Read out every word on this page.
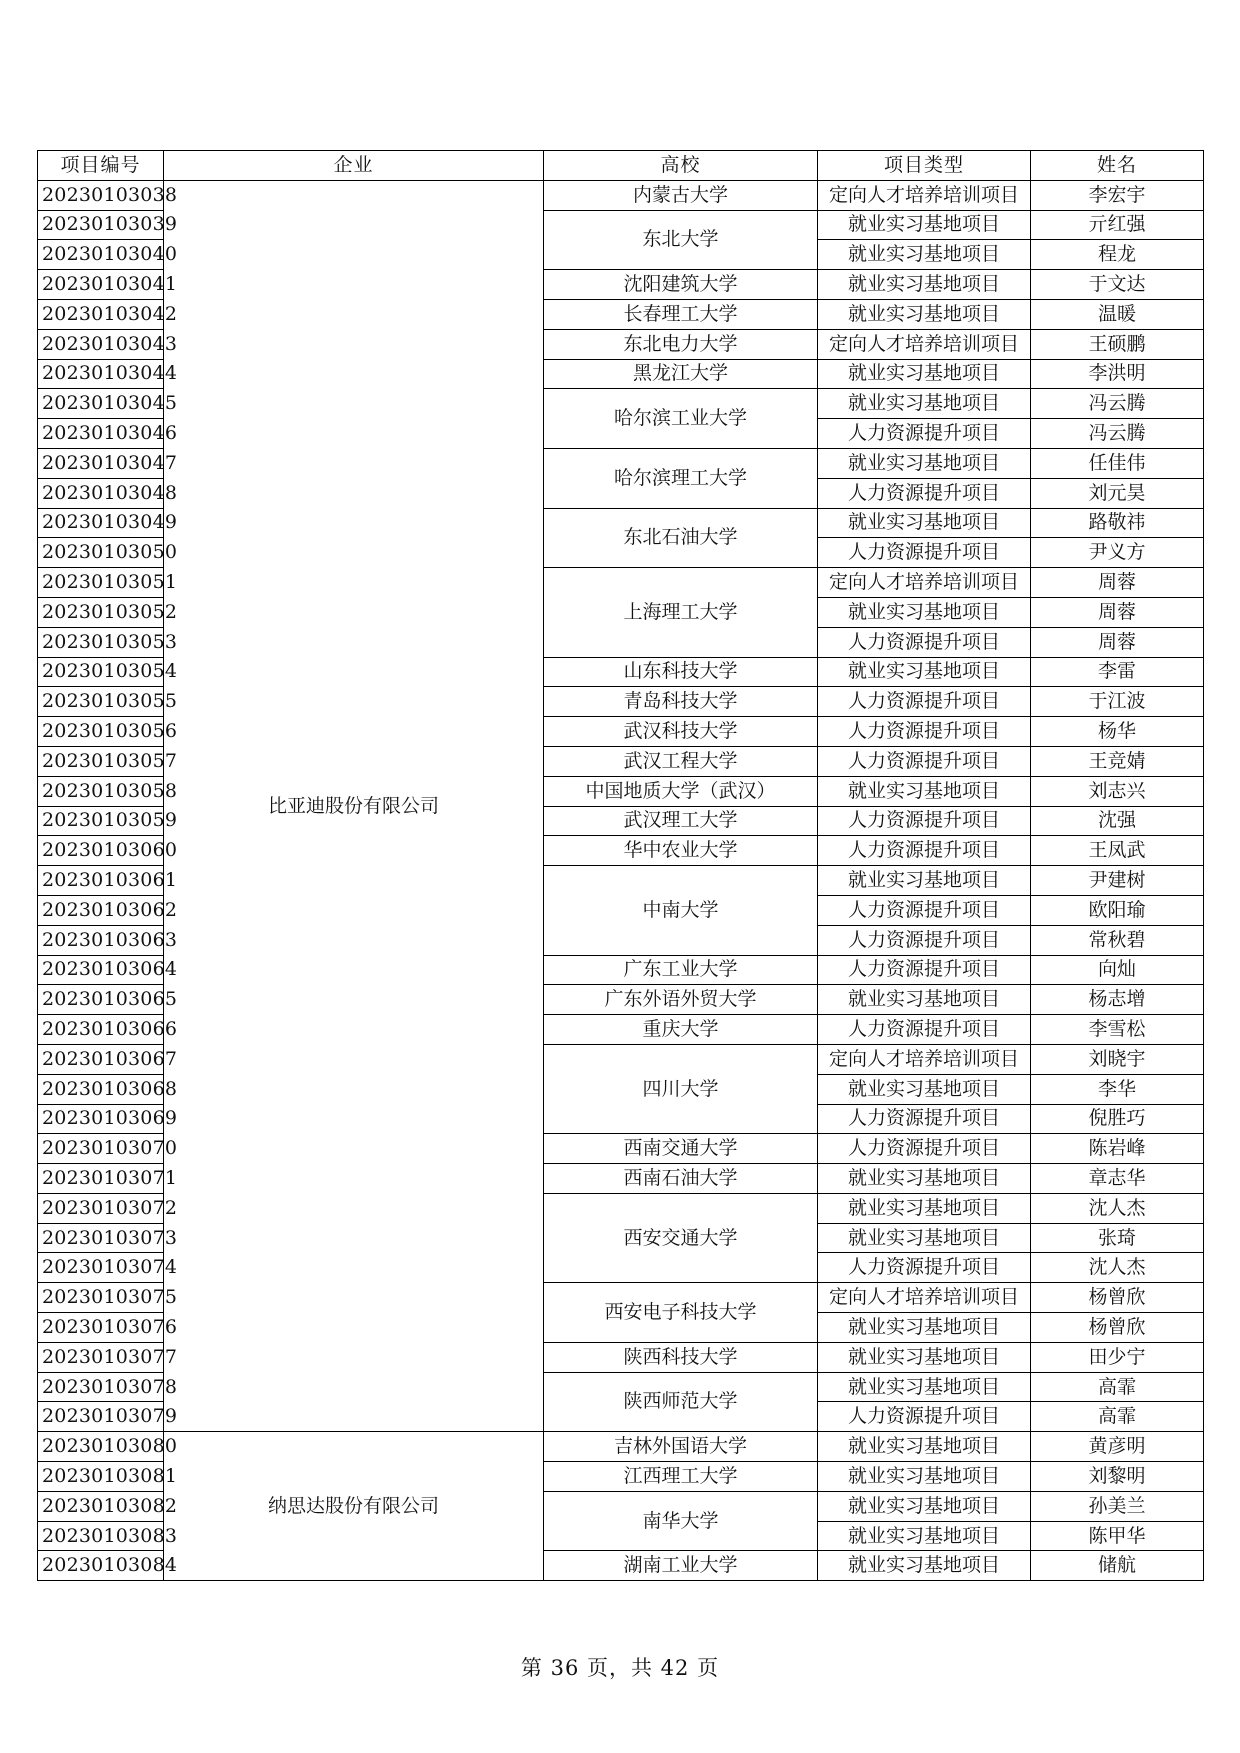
项目编号	企业	高校	项目类型	姓名
20230103038	比亚迪股份有限公司	内蒙古大学	定向人才培养培训项目	李宏宇
20230103039		东北大学	就业实习基地项目	亓红强
20230103040			就业实习基地项目	程龙
20230103041		沈阳建筑大学	就业实习基地项目	于文达
20230103042		长春理工大学	就业实习基地项目	温暖
20230103043		东北电力大学	定向人才培养培训项目	王硕鹏
20230103044		黑龙江大学	就业实习基地项目	李洪明
20230103045		哈尔滨工业大学	就业实习基地项目	冯云腾
20230103046			人力资源提升项目	冯云腾
20230103047		哈尔滨理工大学	就业实习基地项目	任佳伟
20230103048			人力资源提升项目	刘元昊
20230103049		东北石油大学	就业实习基地项目	路敬祎
20230103050			人力资源提升项目	尹义方
20230103051		上海理工大学	定向人才培养培训项目	周蓉
20230103052			就业实习基地项目	周蓉
20230103053			人力资源提升项目	周蓉
20230103054		山东科技大学	就业实习基地项目	李雷
20230103055		青岛科技大学	人力资源提升项目	于江波
20230103056		武汉科技大学	人力资源提升项目	杨华
20230103057		武汉工程大学	人力资源提升项目	王竞婧
20230103058		中国地质大学（武汉）	就业实习基地项目	刘志兴
20230103059		武汉理工大学	人力资源提升项目	沈强
20230103060		华中农业大学	人力资源提升项目	王凤武
20230103061		中南大学	就业实习基地项目	尹建树
20230103062			人力资源提升项目	欧阳瑜
20230103063			人力资源提升项目	常秋碧
20230103064		广东工业大学	人力资源提升项目	向灿
20230103065		广东外语外贸大学	就业实习基地项目	杨志增
20230103066		重庆大学	人力资源提升项目	李雪松
20230103067		四川大学	定向人才培养培训项目	刘晓宇
20230103068			就业实习基地项目	李华
20230103069			人力资源提升项目	倪胜巧
20230103070		西南交通大学	人力资源提升项目	陈岩峰
20230103071		西南石油大学	就业实习基地项目	章志华
20230103072		西安交通大学	就业实习基地项目	沈人杰
20230103073			就业实习基地项目	张琦
20230103074			人力资源提升项目	沈人杰
20230103075		西安电子科技大学	定向人才培养培训项目	杨曾欣
20230103076			就业实习基地项目	杨曾欣
20230103077		陕西科技大学	就业实习基地项目	田少宁
20230103078		陕西师范大学	就业实习基地项目	高霏
20230103079			人力资源提升项目	高霏
20230103080	纳思达股份有限公司	吉林外国语大学	就业实习基地项目	黄彦明
20230103081		江西理工大学	就业实习基地项目	刘黎明
20230103082		南华大学	就业实习基地项目	孙美兰
20230103083			就业实习基地项目	陈甲华
20230103084		湖南工业大学	就业实习基地项目	储航
第 36 页，共 42 页
